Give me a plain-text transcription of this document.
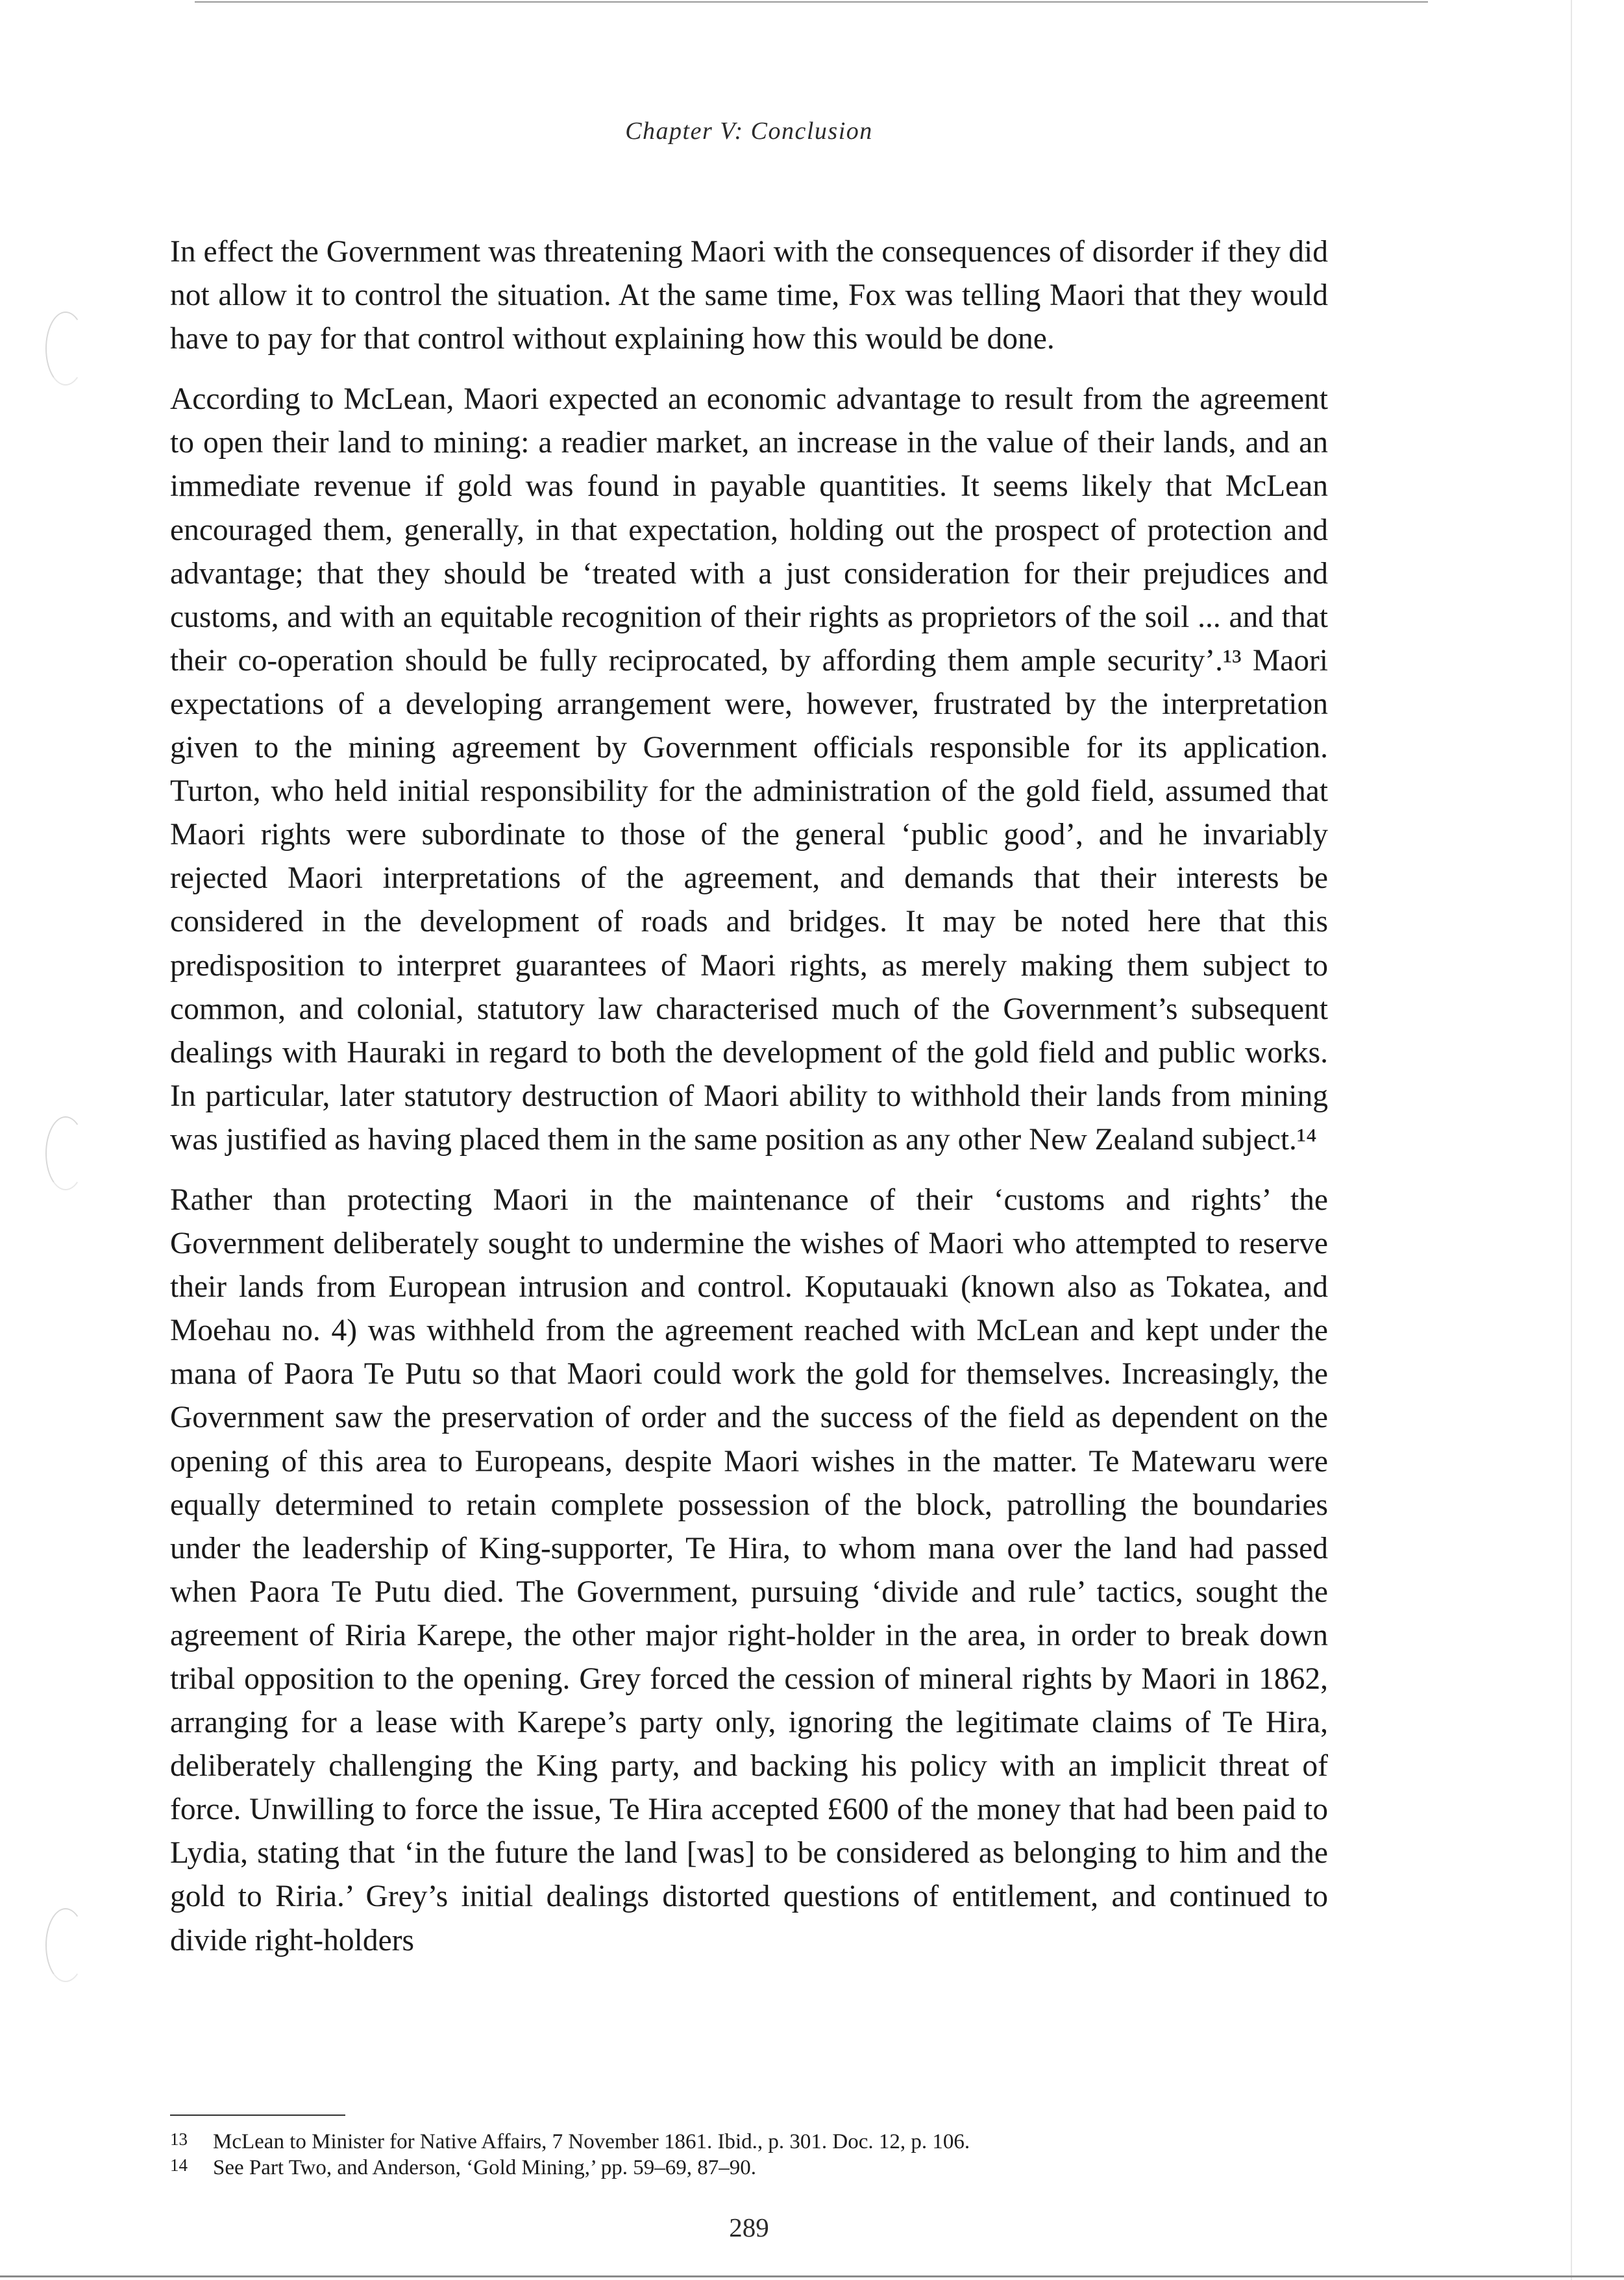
Chapter V: Conclusion

In effect the Government was threatening Maori with the consequences of disorder if they did not allow it to control the situation. At the same time, Fox was telling Maori that they would have to pay for that control without explaining how this would be done.

According to McLean, Maori expected an economic advantage to result from the agreement to open their land to mining: a readier market, an increase in the value of their lands, and an immediate revenue if gold was found in payable quantities. It seems likely that McLean encouraged them, generally, in that expectation, holding out the prospect of protection and advantage; that they should be ‘treated with a just consideration for their prejudices and customs, and with an equitable recognition of their rights as proprietors of the soil ... and that their co-operation should be fully reciprocated, by affording them ample security’.¹³ Maori expectations of a developing arrangement were, however, frustrated by the interpretation given to the mining agreement by Government officials responsible for its application. Turton, who held initial responsibility for the administration of the gold field, assumed that Maori rights were subordinate to those of the general ‘public good’, and he invariably rejected Maori interpretations of the agreement, and demands that their interests be considered in the development of roads and bridges. It may be noted here that this predisposition to interpret guarantees of Maori rights, as merely making them subject to common, and colonial, statutory law characterised much of the Government’s subsequent dealings with Hauraki in regard to both the development of the gold field and public works. In particular, later statutory destruction of Maori ability to withhold their lands from mining was justified as having placed them in the same position as any other New Zealand subject.¹⁴

Rather than protecting Maori in the maintenance of their ‘customs and rights’ the Government deliberately sought to undermine the wishes of Maori who attempted to reserve their lands from European intrusion and control. Koputauaki (known also as Tokatea, and Moehau no. 4) was withheld from the agreement reached with McLean and kept under the mana of Paora Te Putu so that Maori could work the gold for themselves. Increasingly, the Government saw the preservation of order and the success of the field as dependent on the opening of this area to Europeans, despite Maori wishes in the matter. Te Matewaru were equally determined to retain complete possession of the block, patrolling the boundaries under the leadership of King-supporter, Te Hira, to whom mana over the land had passed when Paora Te Putu died. The Government, pursuing ‘divide and rule’ tactics, sought the agreement of Riria Karepe, the other major right-holder in the area, in order to break down tribal opposition to the opening. Grey forced the cession of mineral rights by Maori in 1862, arranging for a lease with Karepe’s party only, ignoring the legitimate claims of Te Hira, deliberately challenging the King party, and backing his policy with an implicit threat of force. Unwilling to force the issue, Te Hira accepted £600 of the money that had been paid to Lydia, stating that ‘in the future the land [was] to be considered as belonging to him and the gold to Riria.’ Grey’s initial dealings distorted questions of entitlement, and continued to divide right-holders

13	McLean to Minister for Native Affairs, 7 November 1861. Ibid., p. 301. Doc. 12, p. 106.
14	See Part Two, and Anderson, ‘Gold Mining,’ pp. 59–69, 87–90.
289
